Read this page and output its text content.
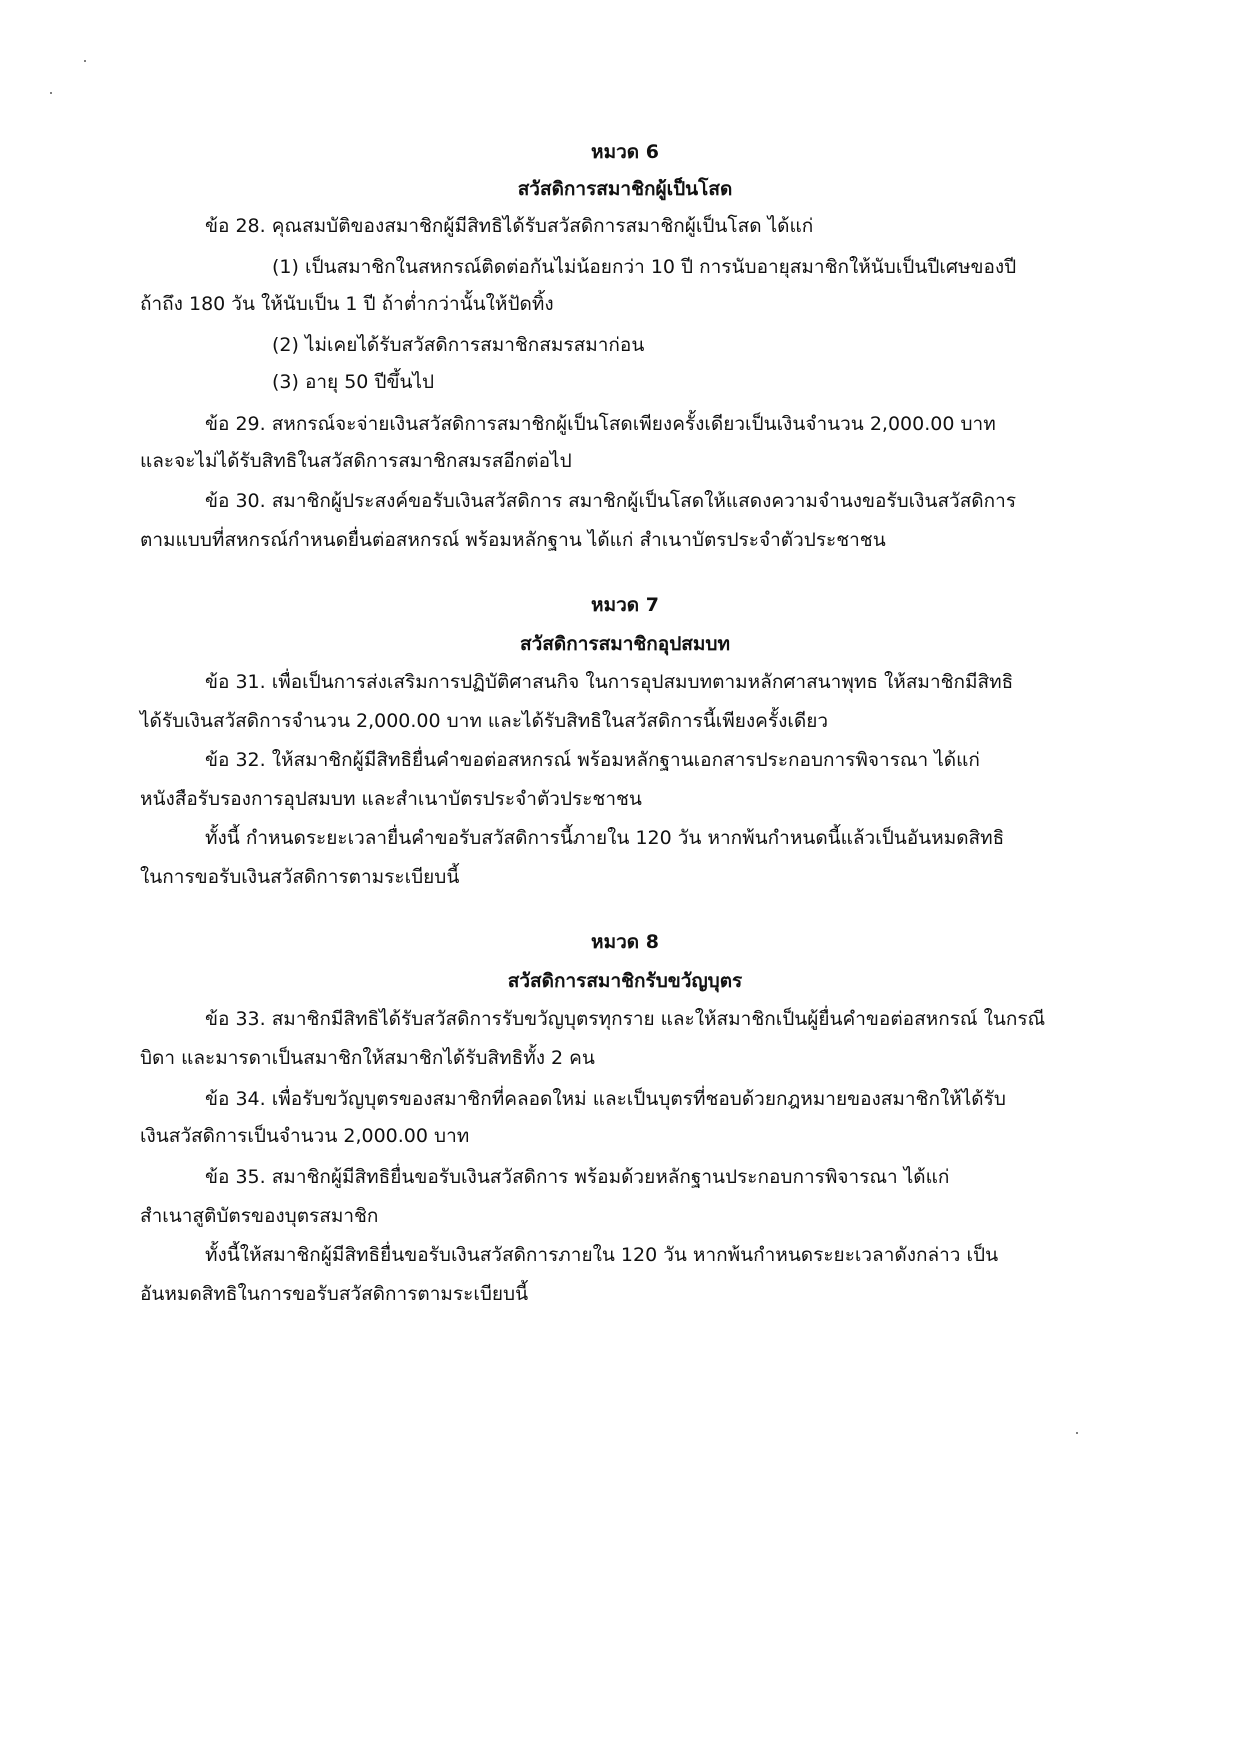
หมวด 6
สวัสดิการสมาชิกผู้เป็นโสด
ข้อ 28. คุณสมบัติของสมาชิกผู้มีสิทธิได้รับสวัสดิการสมาชิกผู้เป็นโสด ได้แก่
(1) เป็นสมาชิกในสหกรณ์ติดต่อกันไม่น้อยกว่า 10 ปี การนับอายุสมาชิกให้นับเป็นปีเศษของปี
ถ้าถึง 180 วัน ให้นับเป็น 1 ปี ถ้าต่ำกว่านั้นให้ปัดทิ้ง
(2) ไม่เคยได้รับสวัสดิการสมาชิกสมรสมาก่อน
(3) อายุ 50 ปีขึ้นไป
ข้อ 29. สหกรณ์จะจ่ายเงินสวัสดิการสมาชิกผู้เป็นโสดเพียงครั้งเดียวเป็นเงินจำนวน 2,000.00 บาท
และจะไม่ได้รับสิทธิในสวัสดิการสมาชิกสมรสอีกต่อไป
ข้อ 30. สมาชิกผู้ประสงค์ขอรับเงินสวัสดิการ สมาชิกผู้เป็นโสดให้แสดงความจำนงขอรับเงินสวัสดิการ
ตามแบบที่สหกรณ์กำหนดยื่นต่อสหกรณ์ พร้อมหลักฐาน ได้แก่ สำเนาบัตรประจำตัวประชาชน
หมวด 7
สวัสดิการสมาชิกอุปสมบท
ข้อ 31. เพื่อเป็นการส่งเสริมการปฏิบัติศาสนกิจ ในการอุปสมบทตามหลักศาสนาพุทธ ให้สมาชิกมีสิทธิ
ได้รับเงินสวัสดิการจำนวน 2,000.00 บาท และได้รับสิทธิในสวัสดิการนี้เพียงครั้งเดียว
ข้อ 32. ให้สมาชิกผู้มีสิทธิยื่นคำขอต่อสหกรณ์ พร้อมหลักฐานเอกสารประกอบการพิจารณา ได้แก่
หนังสือรับรองการอุปสมบท และสำเนาบัตรประจำตัวประชาชน
ทั้งนี้ กำหนดระยะเวลายื่นคำขอรับสวัสดิการนี้ภายใน 120 วัน หากพ้นกำหนดนี้แล้วเป็นอันหมดสิทธิ
ในการขอรับเงินสวัสดิการตามระเบียบนี้
หมวด 8
สวัสดิการสมาชิกรับขวัญบุตร
ข้อ 33. สมาชิกมีสิทธิได้รับสวัสดิการรับขวัญบุตรทุกราย และให้สมาชิกเป็นผู้ยื่นคำขอต่อสหกรณ์ ในกรณี
บิดา และมารดาเป็นสมาชิกให้สมาชิกได้รับสิทธิทั้ง 2 คน
ข้อ 34. เพื่อรับขวัญบุตรของสมาชิกที่คลอดใหม่ และเป็นบุตรที่ชอบด้วยกฎหมายของสมาชิกให้ได้รับ
เงินสวัสดิการเป็นจำนวน 2,000.00 บาท
ข้อ 35. สมาชิกผู้มีสิทธิยื่นขอรับเงินสวัสดิการ พร้อมด้วยหลักฐานประกอบการพิจารณา ได้แก่
สำเนาสูติบัตรของบุตรสมาชิก
ทั้งนี้ให้สมาชิกผู้มีสิทธิยื่นขอรับเงินสวัสดิการภายใน 120 วัน หากพ้นกำหนดระยะเวลาดังกล่าว เป็น
อันหมดสิทธิในการขอรับสวัสดิการตามระเบียบนี้
